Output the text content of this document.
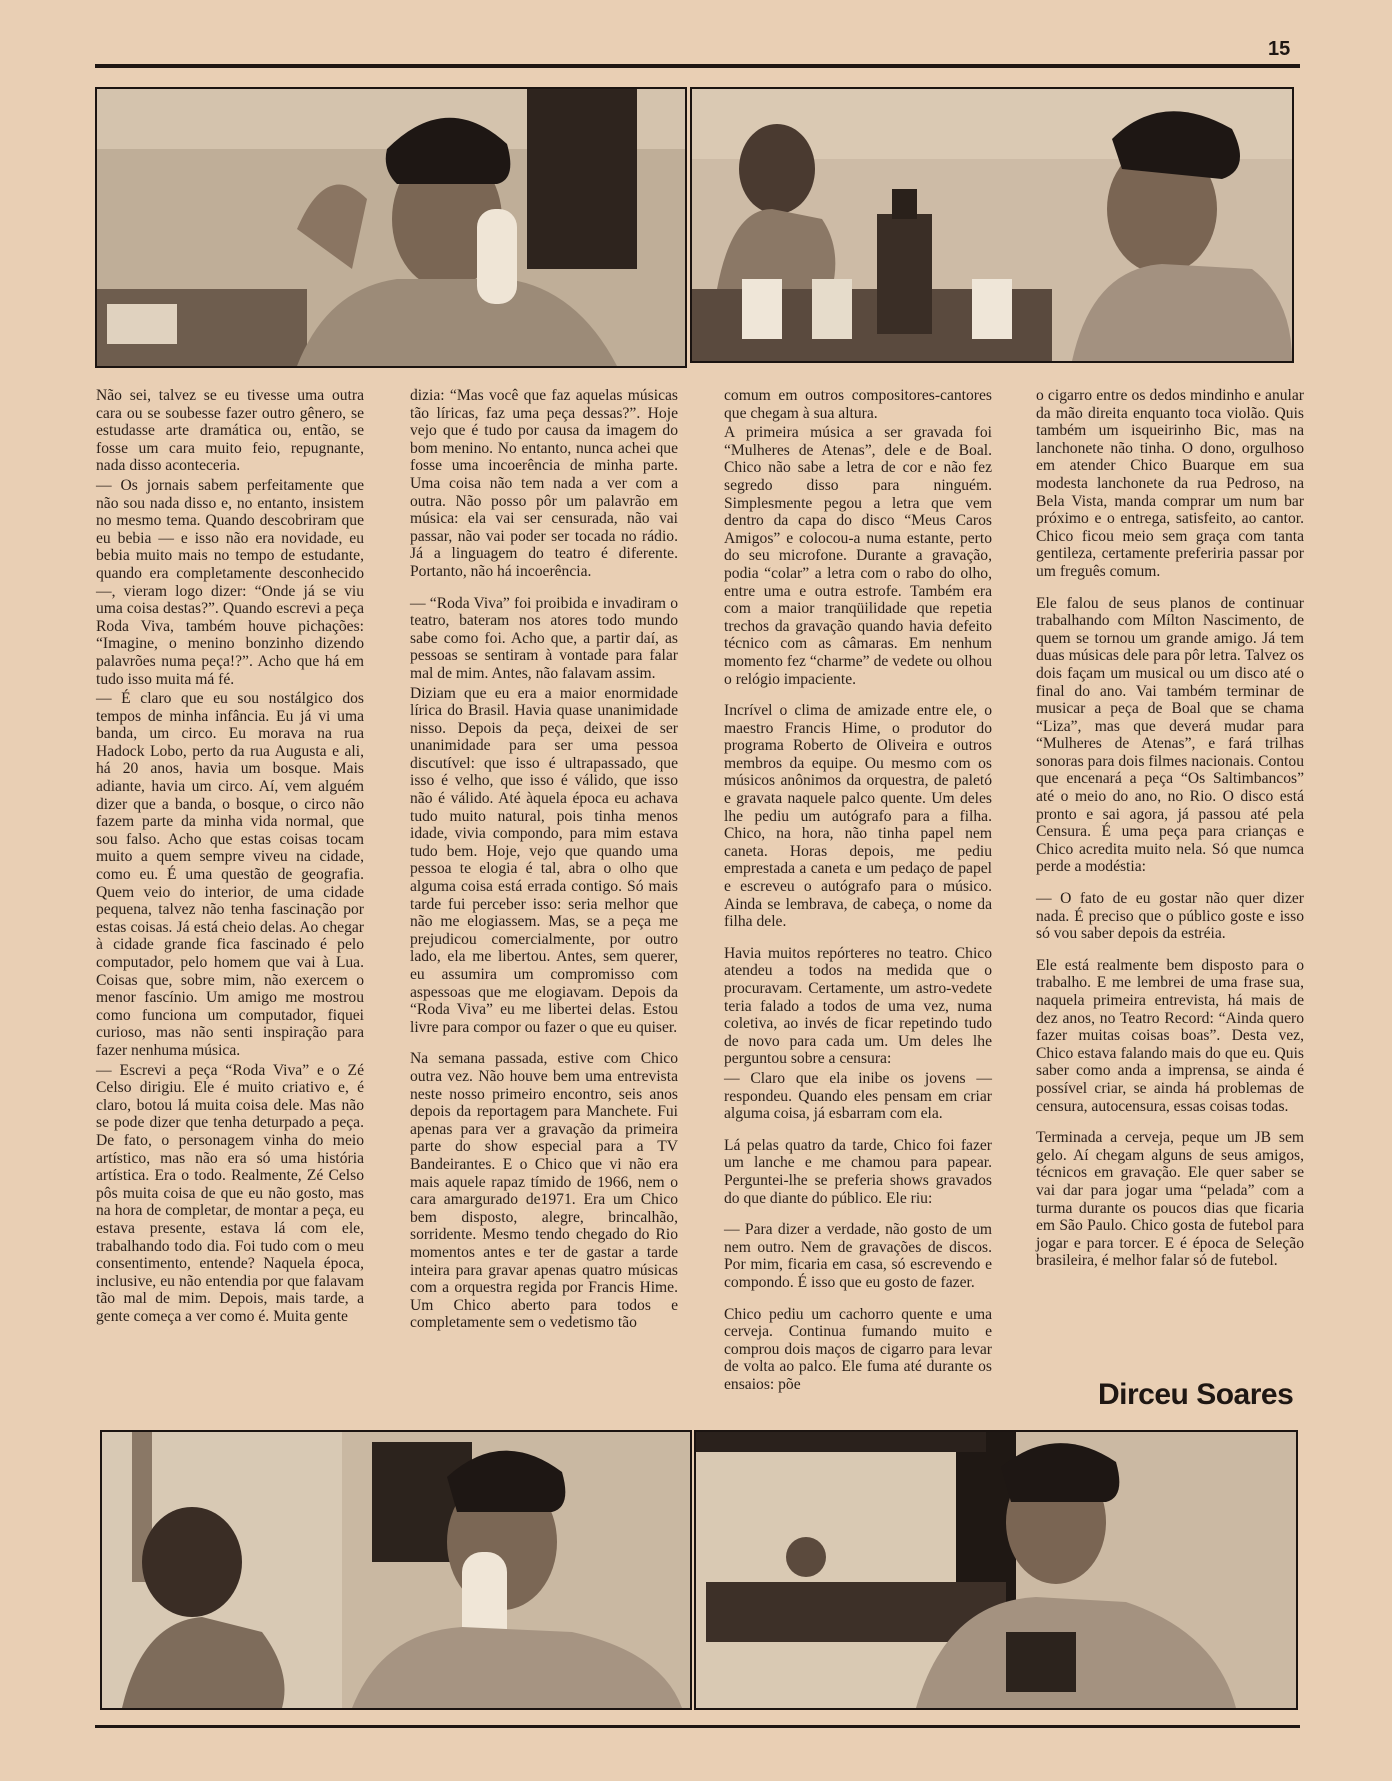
15

Não sei, talvez se eu tivesse uma outra cara ou se soubesse fazer outro gênero, se estudasse arte dramática ou, então, se fosse um cara muito feio, repugnante, nada disso aconteceria.

— Os jornais sabem perfeitamente que não sou nada disso e, no entanto, insistem no mesmo tema. Quando descobriram que eu bebia — e isso não era novidade, eu bebia muito mais no tempo de estudante, quando era completamente desconhecido —, vieram logo dizer: “Onde já se viu uma coisa destas?”. Quando escrevi a peça Roda Viva, também houve pichações: “Imagine, o menino bonzinho dizendo palavrões numa peça!?”. Acho que há em tudo isso muita má fé.

— É claro que eu sou nostálgico dos tempos de minha infância. Eu já vi uma banda, um circo. Eu morava na rua Hadock Lobo, perto da rua Augusta e ali, há 20 anos, havia um bosque. Mais adiante, havia um circo. Aí, vem alguém dizer que a banda, o bosque, o circo não fazem parte da minha vida normal, que sou falso. Acho que estas coisas tocam muito a quem sempre viveu na cidade, como eu. É uma questão de geografia. Quem veio do interior, de uma cidade pequena, talvez não tenha fascinação por estas coisas. Já está cheio delas. Ao chegar à cidade grande fica fascinado é pelo computador, pelo homem que vai à Lua. Coisas que, sobre mim, não exercem o menor fascínio. Um amigo me mostrou como funciona um computador, fiquei curioso, mas não senti inspiração para fazer nenhuma música.

— Escrevi a peça “Roda Viva” e o Zé Celso dirigiu. Ele é muito criativo e, é claro, botou lá muita coisa dele. Mas não se pode dizer que tenha deturpado a peça. De fato, o personagem vinha do meio artístico, mas não era só uma história artística. Era o todo. Realmente, Zé Celso pôs muita coisa de que eu não gosto, mas na hora de completar, de montar a peça, eu estava presente, estava lá com ele, trabalhando todo dia. Foi tudo com o meu consentimento, entende? Naquela época, inclusive, eu não entendia por que falavam tão mal de mim. Depois, mais tarde, a gente começa a ver como é. Muita gente

dizia: “Mas você que faz aquelas músicas tão líricas, faz uma peça dessas?”. Hoje vejo que é tudo por causa da imagem do bom menino. No entanto, nunca achei que fosse uma incoerência de minha parte. Uma coisa não tem nada a ver com a outra. Não posso pôr um palavrão em música: ela vai ser censurada, não vai passar, não vai poder ser tocada no rádio. Já a linguagem do teatro é diferente. Portanto, não há incoerência.

— “Roda Viva” foi proibida e invadiram o teatro, bateram nos atores todo mundo sabe como foi. Acho que, a partir daí, as pessoas se sentiram à vontade para falar mal de mim. Antes, não falavam assim.

Diziam que eu era a maior enormidade lírica do Brasil. Havia quase unanimidade nisso. Depois da peça, deixei de ser unanimidade para ser uma pessoa discutível: que isso é ultrapassado, que isso é velho, que isso é válido, que isso não é válido. Até àquela época eu achava tudo muito natural, pois tinha menos idade, vivia compondo, para mim estava tudo bem. Hoje, vejo que quando uma pessoa te elogia é tal, abra o olho que alguma coisa está errada contigo. Só mais tarde fui perceber isso: seria melhor que não me elogiassem. Mas, se a peça me prejudicou comercialmente, por outro lado, ela me libertou. Antes, sem querer, eu assumira um compromisso com aspessoas que me elogiavam. Depois da “Roda Viva” eu me libertei delas. Estou livre para compor ou fazer o que eu quiser.

Na semana passada, estive com Chico outra vez. Não houve bem uma entrevista neste nosso primeiro encontro, seis anos depois da reportagem para Manchete. Fui apenas para ver a gravação da primeira parte do show especial para a TV Bandeirantes. E o Chico que vi não era mais aquele rapaz tímido de 1966, nem o cara amargurado de1971. Era um Chico bem disposto, alegre, brincalhão, sorridente. Mesmo tendo chegado do Rio momentos antes e ter de gastar a tarde inteira para gravar apenas quatro músicas com a orquestra regida por Francis Hime. Um Chico aberto para todos e completamente sem o vedetismo tão

comum em outros compositores-cantores que chegam à sua altura.

A primeira música a ser gravada foi “Mulheres de Atenas”, dele e de Boal. Chico não sabe a letra de cor e não fez segredo disso para ninguém. Simplesmente pegou a letra que vem dentro da capa do disco “Meus Caros Amigos” e colocou-a numa estante, perto do seu microfone. Durante a gravação, podia “colar” a letra com o rabo do olho, entre uma e outra estrofe. Também era com a maior tranqüilidade que repetia trechos da gravação quando havia defeito técnico com as câmaras. Em nenhum momento fez “charme” de vedete ou olhou o relógio impaciente.

Incrível o clima de amizade entre ele, o maestro Francis Hime, o produtor do programa Roberto de Oliveira e outros membros da equipe. Ou mesmo com os músicos anônimos da orquestra, de paletó e gravata naquele palco quente. Um deles lhe pediu um autógrafo para a filha. Chico, na hora, não tinha papel nem caneta. Horas depois, me pediu emprestada a caneta e um pedaço de papel e escreveu o autógrafo para o músico. Ainda se lembrava, de cabeça, o nome da filha dele.

Havia muitos repórteres no teatro. Chico atendeu a todos na medida que o procuravam. Certamente, um astro-vedete teria falado a todos de uma vez, numa coletiva, ao invés de ficar repetindo tudo de novo para cada um. Um deles lhe perguntou sobre a censura:

— Claro que ela inibe os jovens — respondeu. Quando eles pensam em criar alguma coisa, já esbarram com ela.

Lá pelas quatro da tarde, Chico foi fazer um lanche e me chamou para papear. Perguntei-lhe se preferia shows gravados do que diante do público. Ele riu:

— Para dizer a verdade, não gosto de um nem outro. Nem de gravações de discos. Por mim, ficaria em casa, só escrevendo e compondo. É isso que eu gosto de fazer.

Chico pediu um cachorro quente e uma cerveja. Continua fumando muito e comprou dois maços de cigarro para levar de volta ao palco. Ele fuma até durante os ensaios: põe

o cigarro entre os dedos mindinho e anular da mão direita enquanto toca violão. Quis também um isqueirinho Bic, mas na lanchonete não tinha. O dono, orgulhoso em atender Chico Buarque em sua modesta lanchonete da rua Pedroso, na Bela Vista, manda comprar um num bar próximo e o entrega, satisfeito, ao cantor. Chico ficou meio sem graça com tanta gentileza, certamente preferiria passar por um freguês comum.

Ele falou de seus planos de continuar trabalhando com Mílton Nascimento, de quem se tornou um grande amigo. Já tem duas músicas dele para pôr letra. Talvez os dois façam um musical ou um disco até o final do ano. Vai também terminar de musicar a peça de Boal que se chama “Liza”, mas que deverá mudar para “Mulheres de Atenas”, e fará trilhas sonoras para dois filmes nacionais. Contou que encenará a peça “Os Saltimbancos” até o meio do ano, no Rio. O disco está pronto e sai agora, já passou até pela Censura. É uma peça para crianças e Chico acredita muito nela. Só que numca perde a modéstia:

— O fato de eu gostar não quer dizer nada. É preciso que o público goste e isso só vou saber depois da estréia.

Ele está realmente bem disposto para o trabalho. E me lembrei de uma frase sua, naquela primeira entrevista, há mais de dez anos, no Teatro Record: “Ainda quero fazer muitas coisas boas”. Desta vez, Chico estava falando mais do que eu. Quis saber como anda a imprensa, se ainda é possível criar, se ainda há problemas de censura, autocensura, essas coisas todas.

Terminada a cerveja, peque um JB sem gelo. Aí chegam alguns de seus amigos, técnicos em gravação. Ele quer saber se vai dar para jogar uma “pelada” com a turma durante os poucos dias que ficaria em São Paulo. Chico gosta de futebol para jogar e para torcer. E é época de Seleção brasileira, é melhor falar só de futebol.

Dirceu Soares
